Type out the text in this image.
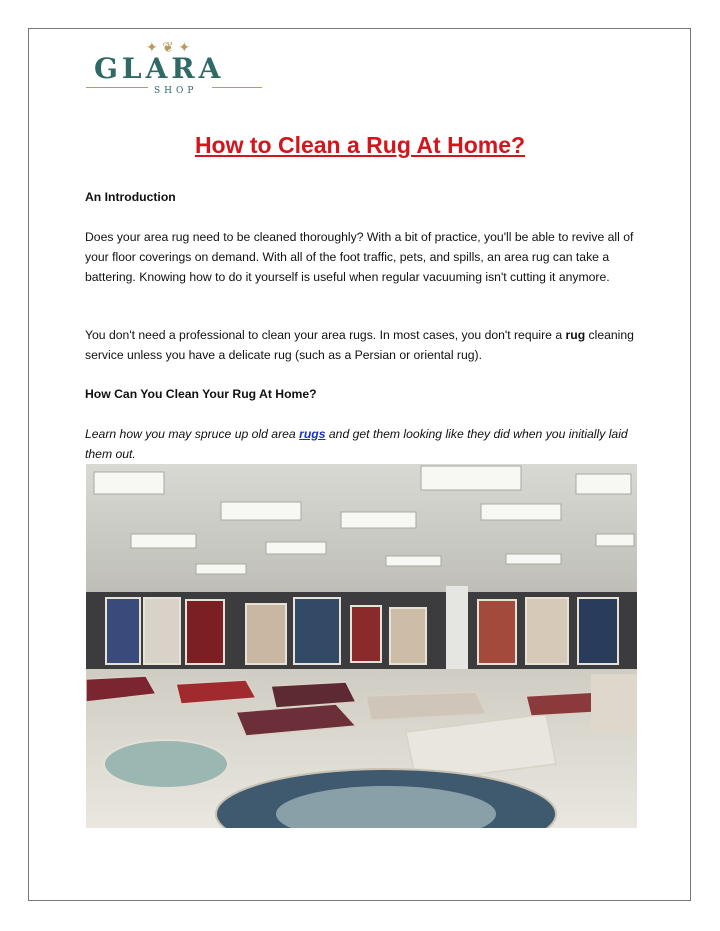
✦ ❦ ✦
GLARA
SHOP
How to Clean a Rug At Home?
An Introduction
Does your area rug need to be cleaned thoroughly? With a bit of practice, you'll be able to revive all of your floor coverings on demand. With all of the foot traffic, pets, and spills, an area rug can take a battering. Knowing how to do it yourself is useful when regular vacuuming isn't cutting it anymore.
You don't need a professional to clean your area rugs. In most cases, you don't require a rug cleaning service unless you have a delicate rug (such as a Persian or oriental rug).
How Can You Clean Your Rug At Home?
Learn how you may spruce up old area rugs and get them looking like they did when you initially laid them out.
